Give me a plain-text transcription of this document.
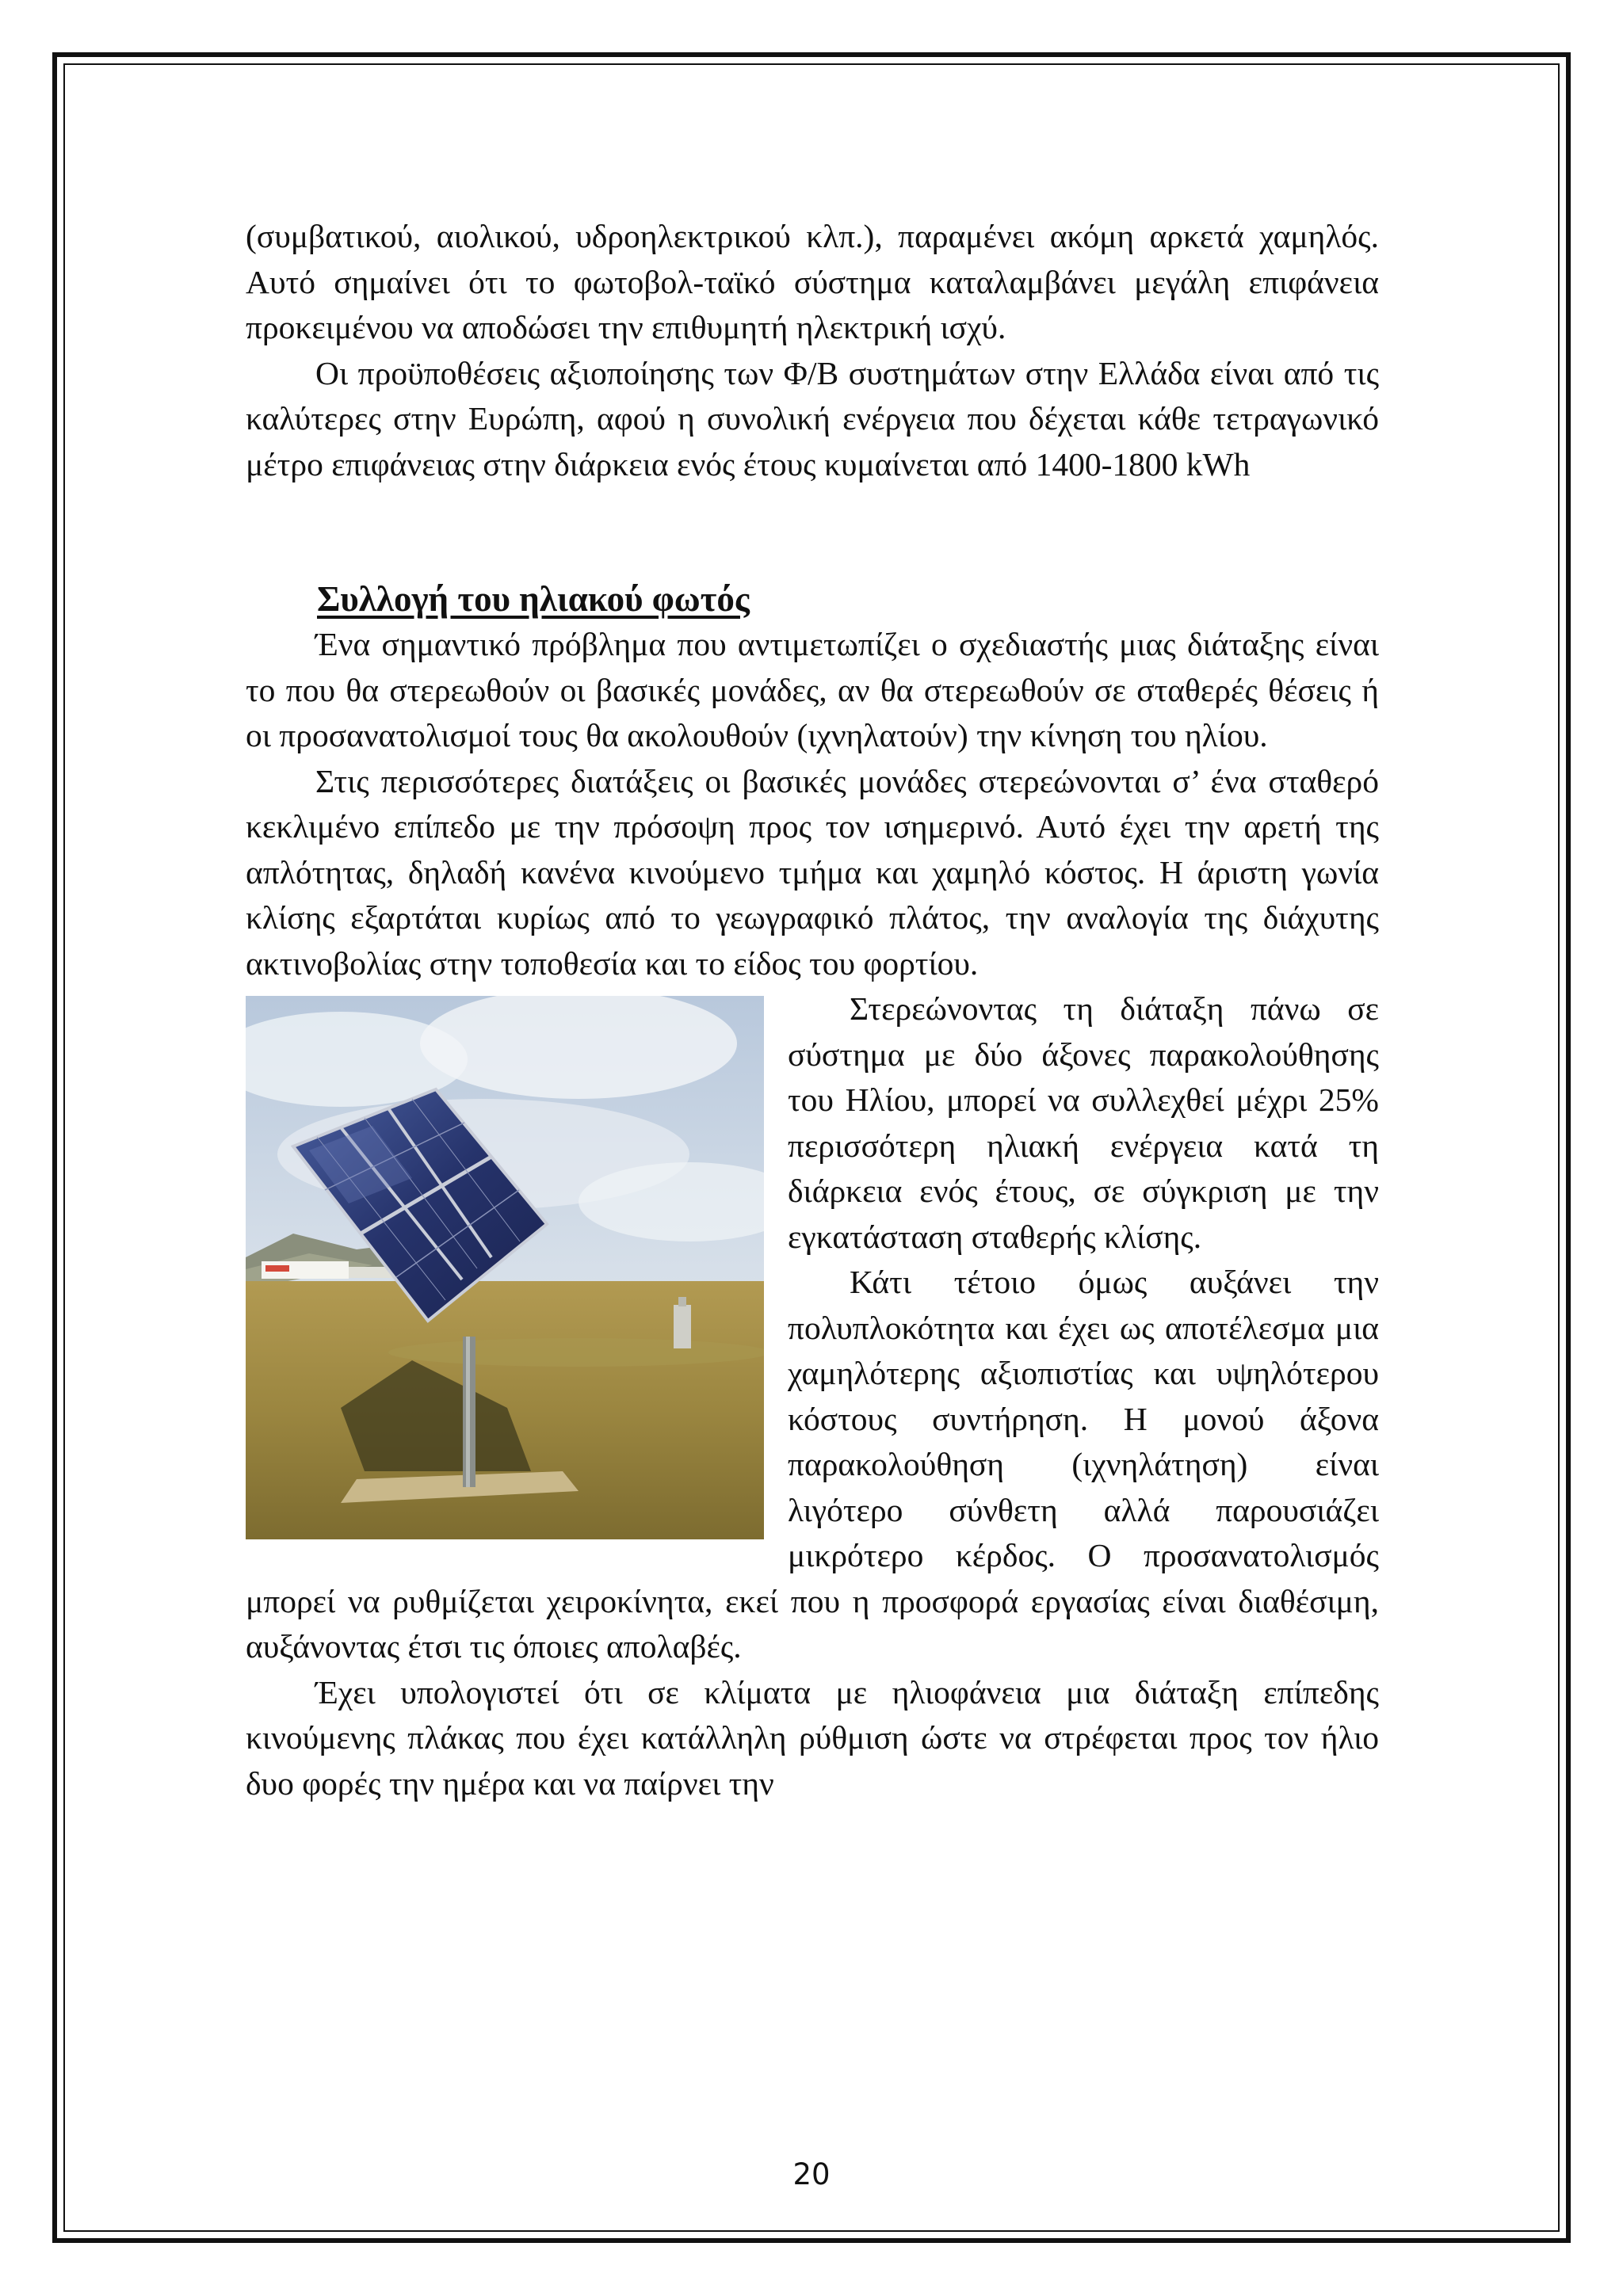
(συμβατικού, αιολικού, υδροηλεκτρικού κλπ.), παραμένει ακόμη αρκετά χαμηλός. Αυτό σημαίνει ότι το φωτοβολ-ταϊκό σύστημα καταλαμβάνει μεγάλη επιφάνεια προκειμένου να αποδώσει την επιθυμητή ηλεκτρική ισχύ.

Οι προϋποθέσεις αξιοποίησης των Φ/Β συστημάτων στην Ελλάδα είναι από τις καλύτερες στην Ευρώπη, αφού η συνολική ενέργεια που δέχεται κάθε τετραγωνικό μέτρο επιφάνειας στην διάρκεια ενός έτους κυμαίνεται από 1400-1800 kWh

Συλλογή του ηλιακού φωτός

Ένα σημαντικό πρόβλημα που αντιμετωπίζει ο σχεδιαστής μιας διάταξης είναι το που θα στερεωθούν οι βασικές μονάδες, αν θα στερεωθούν σε σταθερές θέσεις ή οι προσανατολισμοί τους θα ακολουθούν (ιχνηλατούν) την κίνηση του ηλίου.

Στις περισσότερες διατάξεις οι βασικές μονάδες στερεώνονται σ’ ένα σταθερό κεκλιμένο επίπεδο με την πρόσοψη προς τον ισημερινό. Αυτό έχει την αρετή της απλότητας, δηλαδή κανένα κινούμενο τμήμα και χαμηλό κόστος. Η άριστη γωνία κλίσης εξαρτάται κυρίως από το γεωγραφικό πλάτος, την αναλογία της διάχυτης ακτινοβολίας στην τοποθεσία και το είδος του φορτίου.

Στερεώνοντας τη διάταξη πάνω σε σύστημα με δύο άξονες παρακολούθησης του Ηλίου, μπορεί να συλλεχθεί μέχρι 25% περισσότερη ηλιακή ενέργεια κατά τη διάρκεια ενός έτους, σε σύγκριση με την εγκατάσταση σταθερής κλίσης.

Κάτι τέτοιο όμως αυξάνει την πολυπλοκότητα και έχει ως αποτέλεσμα μια χαμηλότερης αξιοπιστίας και υψηλότερου κόστους συντήρηση. Η μονού άξονα παρακολούθηση (ιχνηλάτηση) είναι λιγότερο σύνθετη αλλά παρουσιάζει μικρότερο κέρδος. Ο προσανατολισμός μπορεί να ρυθμίζεται χειροκίνητα, εκεί που η προσφορά εργασίας είναι διαθέσιμη, αυξάνοντας έτσι τις όποιες απολαβές.

Έχει υπολογιστεί ότι σε κλίματα με ηλιοφάνεια μια διάταξη επίπεδης κινούμενης πλάκας που έχει κατάλληλη ρύθμιση ώστε να στρέφεται προς τον ήλιο δυο φορές την ημέρα και να παίρνει την

20
